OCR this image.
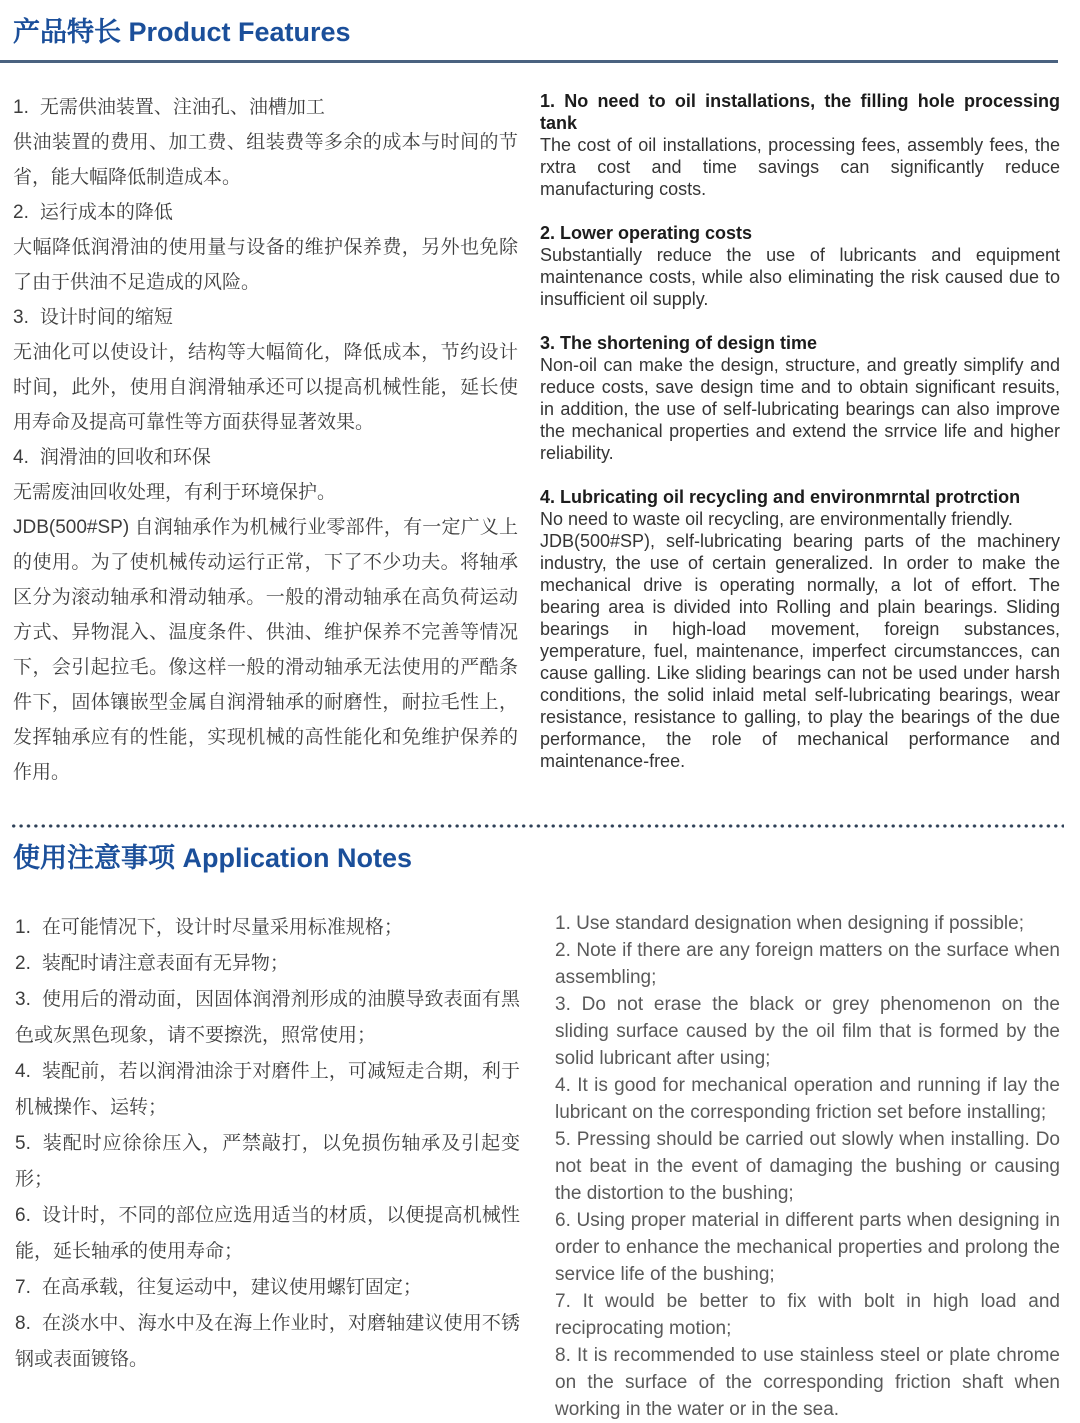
产品特长 Product Features

1. 无需供油装置、注油孔、油槽加工

供油装置的费用、加工费、组装费等多余的成本与时间的节省，能大幅降低制造成本。

2. 运行成本的降低

大幅降低润滑油的使用量与设备的维护保养费，另外也免除了由于供油不足造成的风险。

3. 设计时间的缩短

无油化可以使设计，结构等大幅简化，降低成本，节约设计时间，此外，使用自润滑轴承还可以提高机械性能，延长使用寿命及提高可靠性等方面获得显著效果。

4. 润滑油的回收和环保

无需废油回收处理，有利于环境保护。

JDB(500#SP) 自润轴承作为机械行业零部件，有一定广义上的使用。为了使机械传动运行正常，下了不少功夫。将轴承区分为滚动轴承和滑动轴承。一般的滑动轴承在高负荷运动方式、异物混入、温度条件、供油、维护保养不完善等情况下，会引起拉毛。像这样一般的滑动轴承无法使用的严酷条件下，固体镶嵌型金属自润滑轴承的耐磨性，耐拉毛性上，发挥轴承应有的性能，实现机械的高性能化和免维护保养的作用。

1. No need to oil installations, the filling hole processing tank

The cost of oil installations, processing fees, assembly fees, the rxtra cost and time savings can significantly reduce manufacturing costs.

2. Lower operating costs

Substantially reduce the use of lubricants and equipment maintenance costs, while also eliminating the risk caused due to insufficient oil supply.

3. The shortening of design time

Non-oil can make the design, structure, and greatly simplify and reduce costs, save design time and to obtain significant resuits, in addition, the use of self-lubricating bearings can also improve the mechanical properties and extend the srrvice life and higher reliability.

4. Lubricating oil recycling and environmrntal protrction

No need to waste oil recycling, are environmentally friendly.

JDB(500#SP), self-lubricating bearing parts of the machinery industry, the use of certain generalized. In order to make the mechanical drive is operating normally, a lot of effort. The bearing area is divided into Rolling and plain bearings. Sliding bearings in high-load movement, foreign substances, yemperature, fuel, maintenance, imperfect circumstancces, can cause galling. Like sliding bearings can not be used under harsh conditions, the solid inlaid metal self-lubricating bearings, wear resistance, resistance to galling, to play the bearings of the due performance, the role of mechanical performance and maintenance-free.

使用注意事项 Application Notes

1. 在可能情况下，设计时尽量采用标准规格；

2. 装配时请注意表面有无异物；

3. 使用后的滑动面，因固体润滑剂形成的油膜导致表面有黑色或灰黑色现象，请不要擦洗，照常使用；

4. 装配前，若以润滑油涂于对磨件上，可减短走合期，利于机械操作、运转；

5. 装配时应徐徐压入，严禁敲打，以免损伤轴承及引起变形；

6. 设计时，不同的部位应选用适当的材质，以便提高机械性能，延长轴承的使用寿命；

7. 在高承载，往复运动中，建议使用螺钉固定；

8. 在淡水中、海水中及在海上作业时，对磨轴建议使用不锈钢或表面镀铬。

1. Use standard designation when designing if possible;

2. Note if there are any foreign matters on the surface when assembling;

3. Do not erase the black or grey phenomenon on the sliding surface caused by the oil film that is formed by the solid lubricant after using;

4. It is good for mechanical operation and running if lay the lubricant on the corresponding friction set before installing;

5. Pressing should be carried out slowly when installing. Do not beat in the event of damaging the bushing or causing the distortion to the bushing;

6. Using proper material in different parts when designing in order to enhance the mechanical properties and prolong the service life of the bushing;

7. It would be better to fix with bolt in high load and reciprocating motion;

8. It is recommended to use stainless steel or plate chrome on the surface of the corresponding friction shaft when working in the water or in the sea.
